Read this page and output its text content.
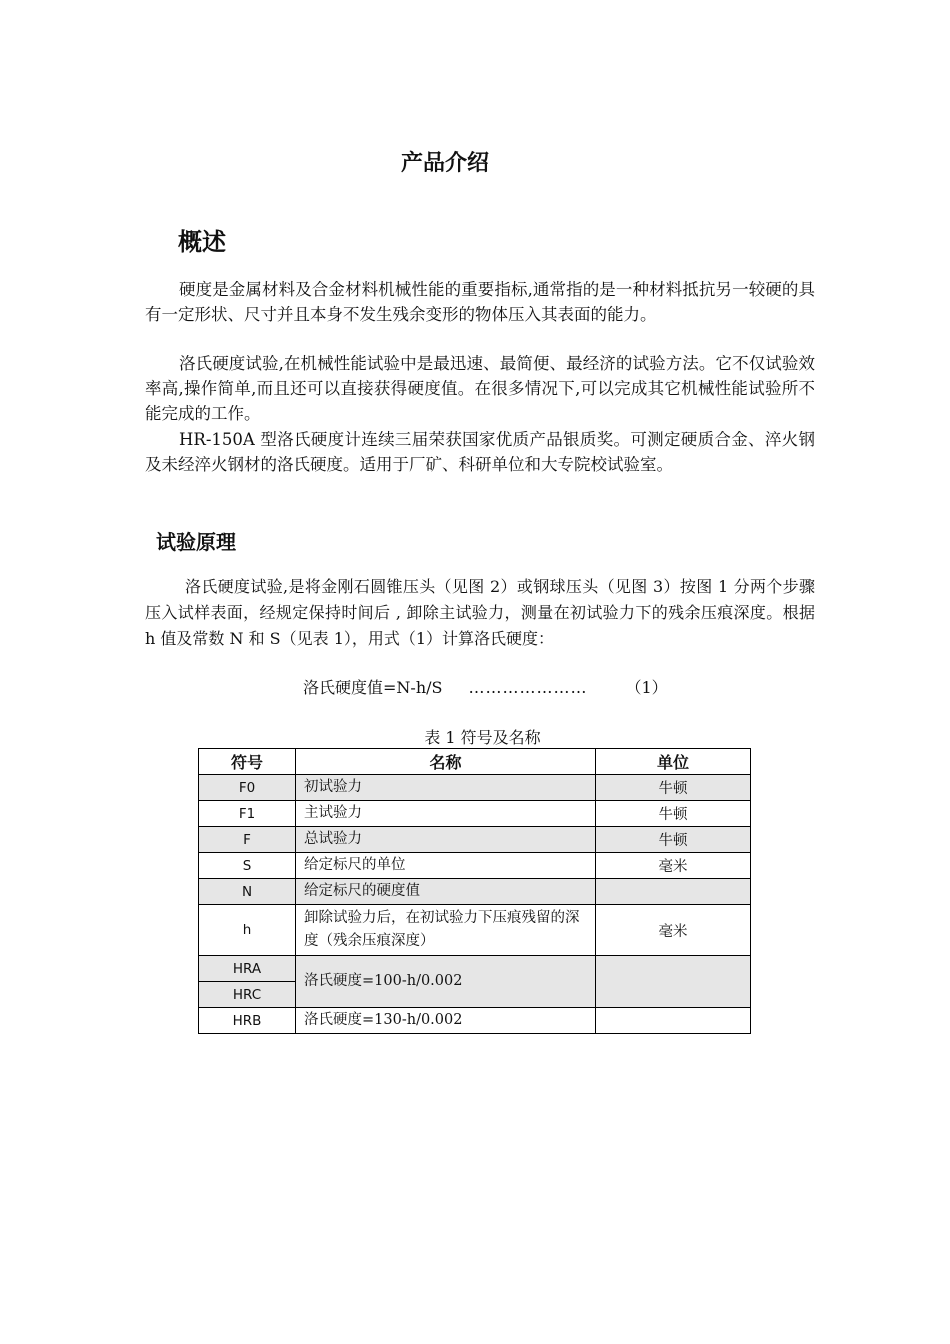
产品介绍
概述

硬度是金属材料及合金材料机械性能的重要指标,通常指的是一种材料抵抗另一较硬的具有一定形状、尺寸并且本身不发生残余变形的物体压入其表面的能力。

洛氏硬度试验,在机械性能试验中是最迅速、最简便、最经济的试验方法。它不仅试验效率高,操作简单,而且还可以直接获得硬度值。在很多情况下,可以完成其它机械性能试验所不能完成的工作。

HR-150A 型洛氏硬度计连续三届荣获国家优质产品银质奖。可测定硬质合金、淬火钢及未经淬火钢材的洛氏硬度。适用于厂矿、科研单位和大专院校试验室。

试验原理

洛氏硬度试验,是将金刚石圆锥压头（见图 2）或钢球压头（见图 3）按图 1 分两个步骤压入试样表面，经规定保持时间后 , 卸除主试验力，测量在初试验力下的残余压痕深度。根据 h 值及常数 N 和 S（见表 1），用式（1）计算洛氏硬度：

洛氏硬度值=N-h/S ………………… （1）
表 1 符号及名称
符号	名称	单位
F0	初试验力	牛顿
F1	主试验力	牛顿
F	总试验力	牛顿
S	给定标尺的单位	毫米
N	给定标尺的硬度值	
h	卸除试验力后，在初试验力下压痕残留的深度（残余压痕深度）	毫米
HRA	洛氏硬度=100-h/0.002	
HRC		
HRB	洛氏硬度=130-h/0.002	
